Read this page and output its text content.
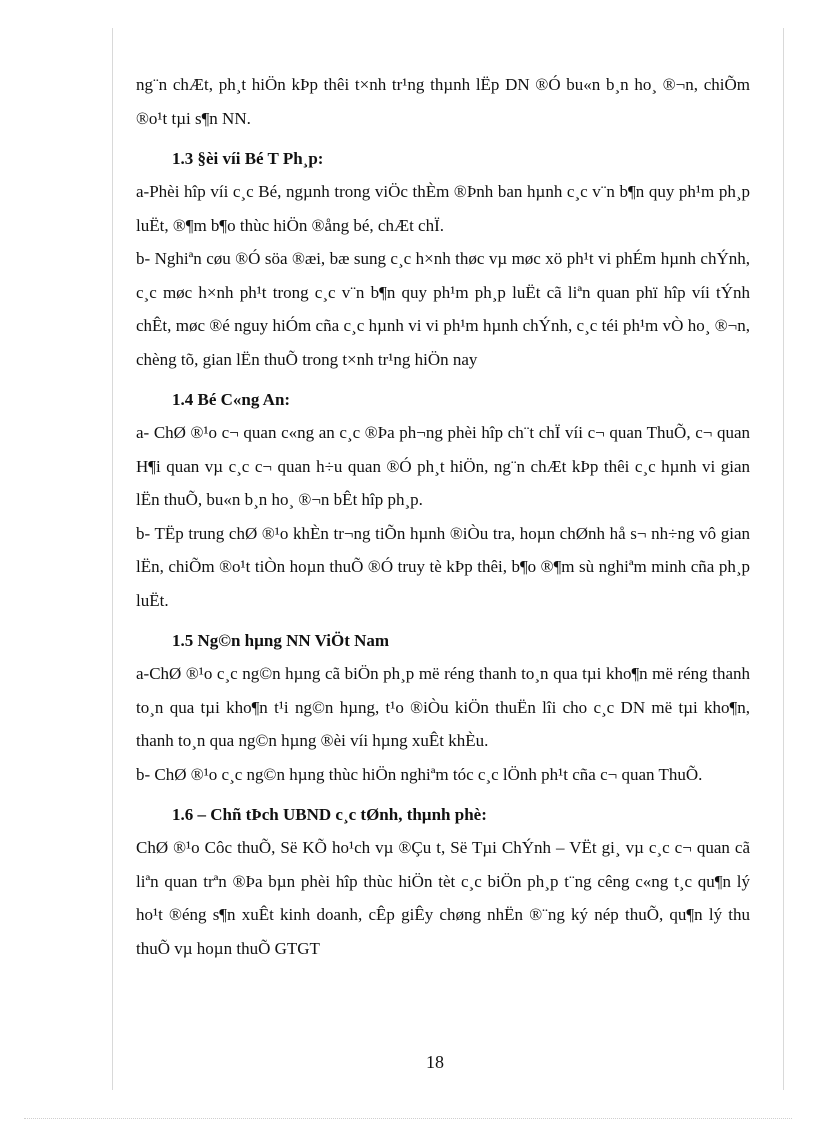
ng¨n chÆt, ph¸t hiÖn kÞp thêi t×nh tr¹ng thµnh lËp DN ®Ó bu«n b¸n ho¸ ®¬n, chiÕm ®o¹t tµi s¶n NN.

1.3 §èi víi Bé T Ph¸p:

a-Phèi hîp víi c¸c Bé, ngµnh trong viÖc thÈm ®Þnh ban hµnh c¸c v¨n b¶n quy ph¹m ph¸p luËt, ®¶m b¶o thùc hiÖn ®ång bé, chÆt chÏ.

b- Nghiªn cøu ®Ó söa ®æi, bæ sung c¸c h×nh thøc vµ møc xö ph¹t vi phÉm hµnh chÝnh, c¸c møc h×nh ph¹t trong c¸c v¨n b¶n quy ph¹m ph¸p luËt cã liªn quan phï hîp víi tÝnh chÊt, møc ®é nguy hiÓm cña c¸c hµnh vi vi ph¹m hµnh chÝnh, c¸c téi ph¹m vÒ ho¸ ®¬n, chèng tõ, gian lËn thuÕ trong t×nh tr¹ng hiÖn nay

1.4 Bé C«ng An:

a- ChØ ®¹o c¬ quan c«ng an c¸c ®Þa ph¬ng phèi hîp ch¨t chÏ víi c¬ quan ThuÕ, c¬ quan H¶i quan vµ c¸c c¬ quan h÷u quan ®Ó ph¸t hiÖn, ng¨n chÆt kÞp thêi c¸c hµnh vi gian lËn thuÕ, bu«n b¸n ho¸ ®¬n bÊt hîp ph¸p.

b- TËp trung chØ ®¹o khÈn tr¬ng tiÕn hµnh ®iÒu tra, hoµn chØnh hå s¬ nh÷ng vô gian lËn, chiÕm ®o¹t tiÒn hoµn thuÕ ®Ó truy tè kÞp thêi, b¶o ®¶m sù nghiªm minh cña ph¸p luËt.

1.5 Ng©n hµng NN ViÖt Nam

a-ChØ ®¹o c¸c ng©n hµng cã biÖn ph¸p më réng thanh to¸n qua tµi kho¶n më réng thanh to¸n qua tµi kho¶n t¹i ng©n hµng, t¹o ®iÒu kiÖn thuËn lîi cho c¸c DN më tµi kho¶n, thanh to¸n qua ng©n hµng ®èi víi hµng xuÊt khÈu.

b- ChØ ®¹o c¸c ng©n hµng thùc hiÖn nghiªm tóc c¸c lÖnh ph¹t cña c¬ quan ThuÕ.

1.6 – Chñ tÞch UBND c¸c tØnh, thµnh phè:

ChØ ®¹o Côc thuÕ, Së KÕ ho¹ch vµ ®Çu t, Së Tµi ChÝnh – VËt gi¸ vµ c¸c c¬ quan cã liªn quan trªn ®Þa bµn phèi hîp thùc hiÖn tèt c¸c biÖn ph¸p t¨ng cêng c«ng t¸c qu¶n lý ho¹t ®éng s¶n xuÊt kinh doanh, cÊp giÊy chøng nhËn ®¨ng ký nép thuÕ, qu¶n lý thu thuÕ vµ hoµn thuÕ GTGT

18
